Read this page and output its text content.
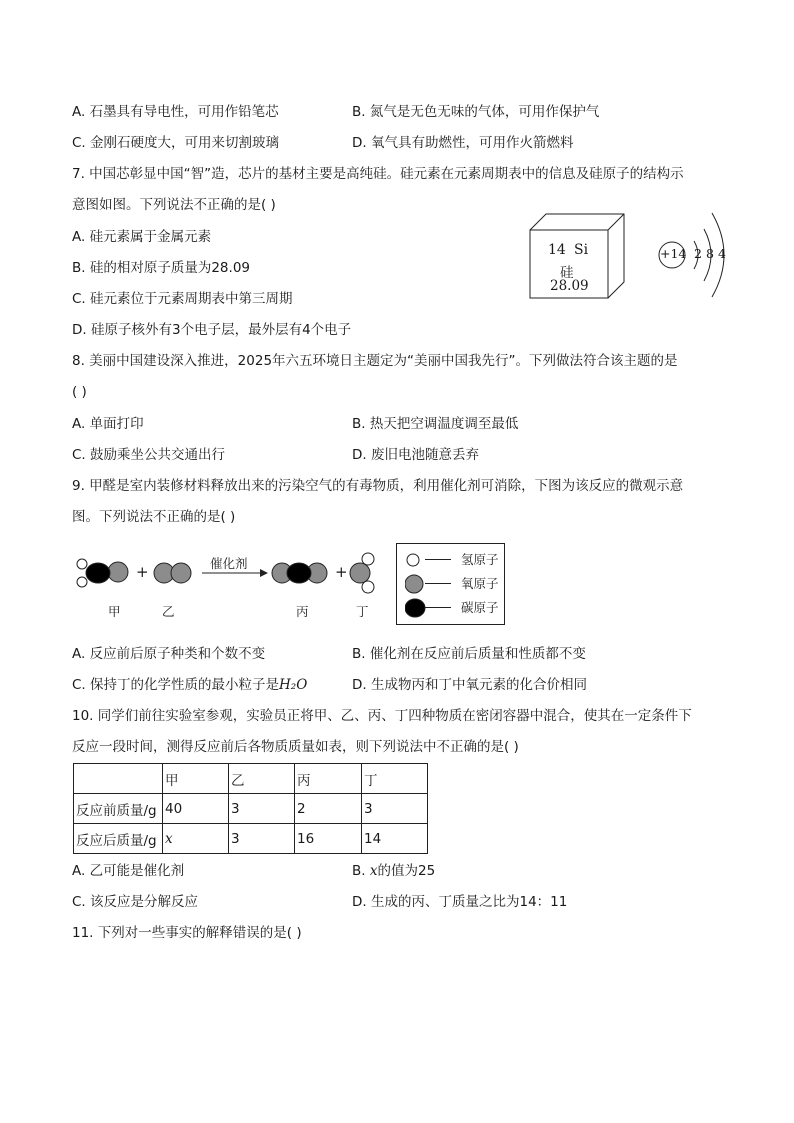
A. 石墨具有导电性，可用作铅笔芯	B. 氮气是无色无味的气体，可用作保护气
C. 金刚石硬度大，可用来切割玻璃	D. 氧气具有助燃性，可用作火箭燃料
7. 中国芯彰显中国“智”造，芯片的基材主要是高纯硅。硅元素在元素周期表中的信息及硅原子的结构示
意图如图。下列说法不正确的是( )
A. 硅元素属于金属元素
B. 硅的相对原子质量为28.09
C. 硅元素位于元素周期表中第三周期
D. 硅原子核外有3个电子层，最外层有4个电子
14 Si
硅
28.09
+14 2 8 4
8. 美丽中国建设深入推进，2025年六五环境日主题定为“美丽中国我先行”。下列做法符合该主题的是
( )
A. 单面打印	B. 热天把空调温度调至最低
C. 鼓励乘坐公共交通出行	D. 废旧电池随意丢弃
9. 甲醛是室内装修材料释放出来的污染空气的有毒物质，利用催化剂可消除，下图为该反应的微观示意
图。下列说法不正确的是( )
+	+
催化剂
甲	乙	丙	丁
氢原子
氧原子
碳原子
A. 反应前后原子种类和个数不变	B. 催化剂在反应前后质量和性质都不变
C. 保持丁的化学性质的最小粒子是H₂O	D. 生成物丙和丁中氧元素的化合价相同
10. 同学们前往实验室参观，实验员正将甲、乙、丙、丁四种物质在密闭容器中混合，使其在一定条件下
反应一段时间，测得反应前后各物质质量如表，则下列说法中不正确的是( )
	甲	乙	丙	丁
反应前质量/g	40	3	2	3
反应后质量/g	x	3	16	14
A. 乙可能是催化剂	B. x的值为25
C. 该反应是分解反应	D. 生成的丙、丁质量之比为14：11
11. 下列对一些事实的解释错误的是( )
